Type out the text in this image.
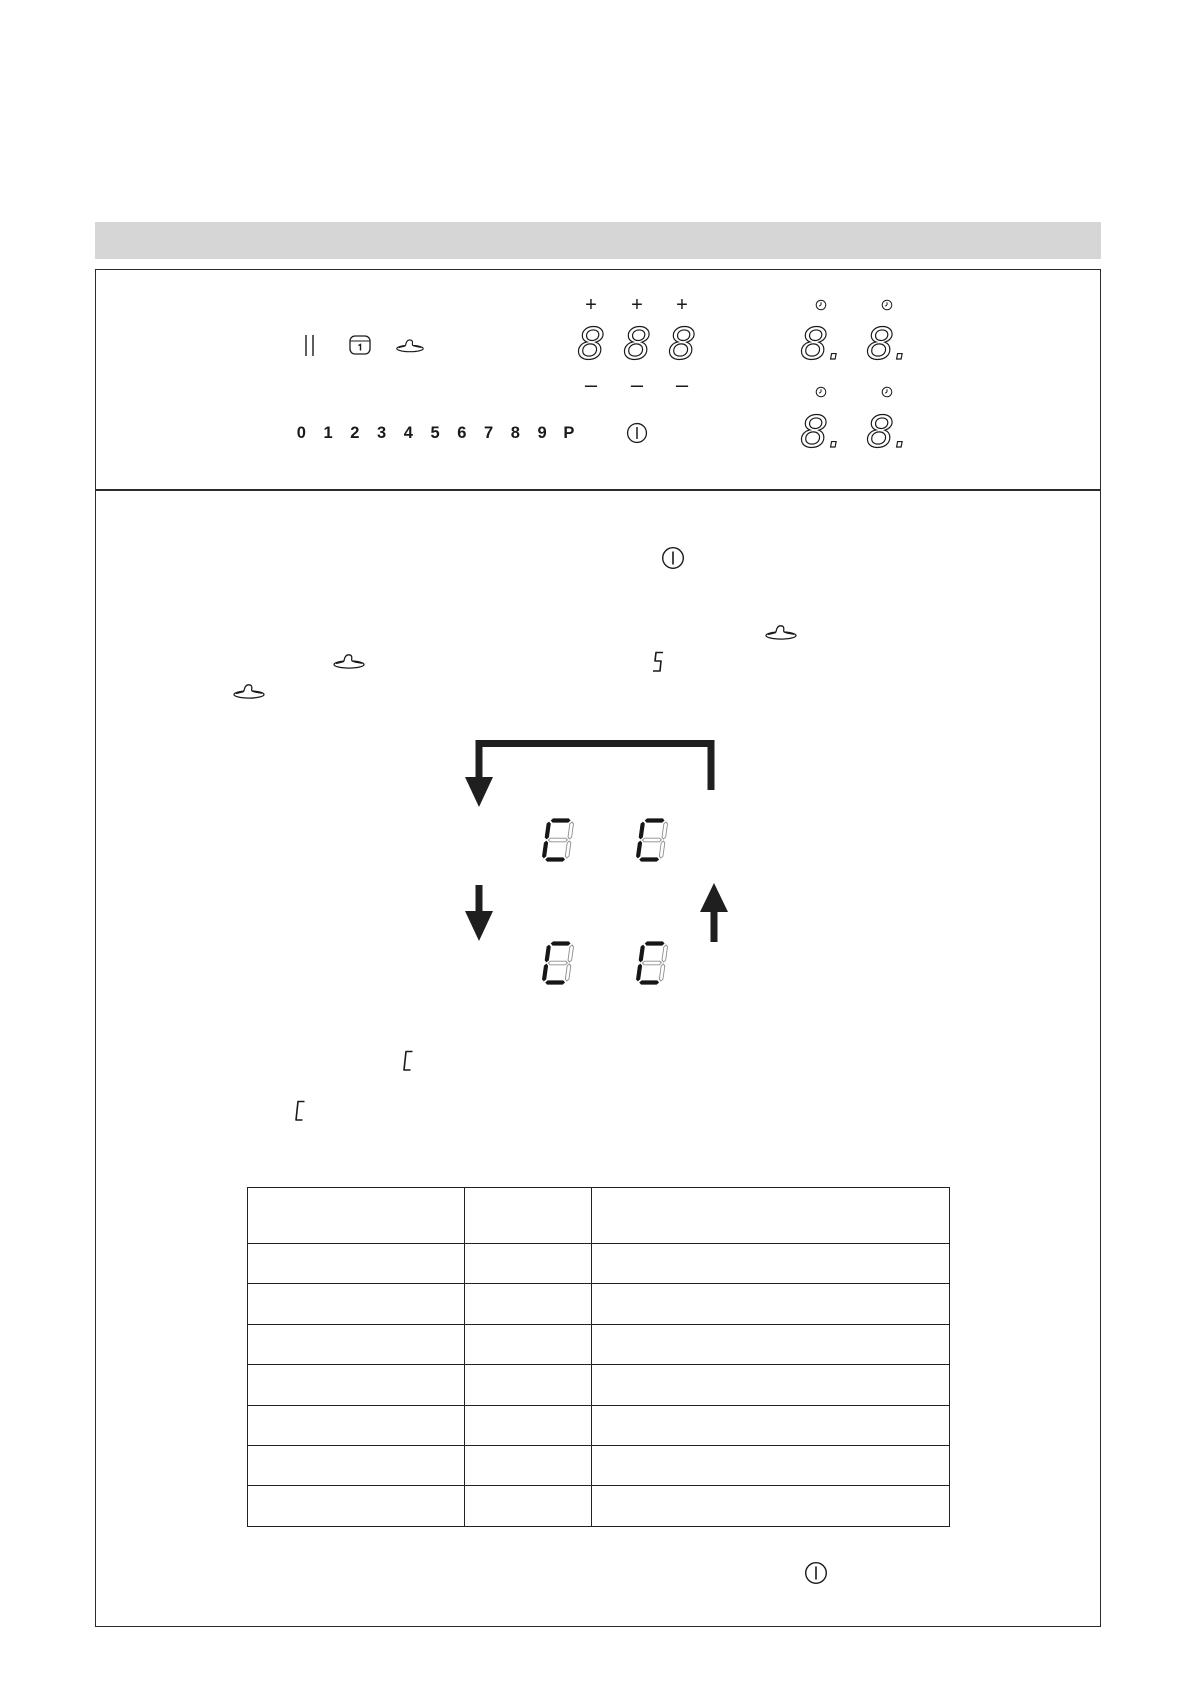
+	+	+
8 8 8
– – –
8. 8.
8. 8.
0	1	2	3	4	5	6	7	8	9	P
